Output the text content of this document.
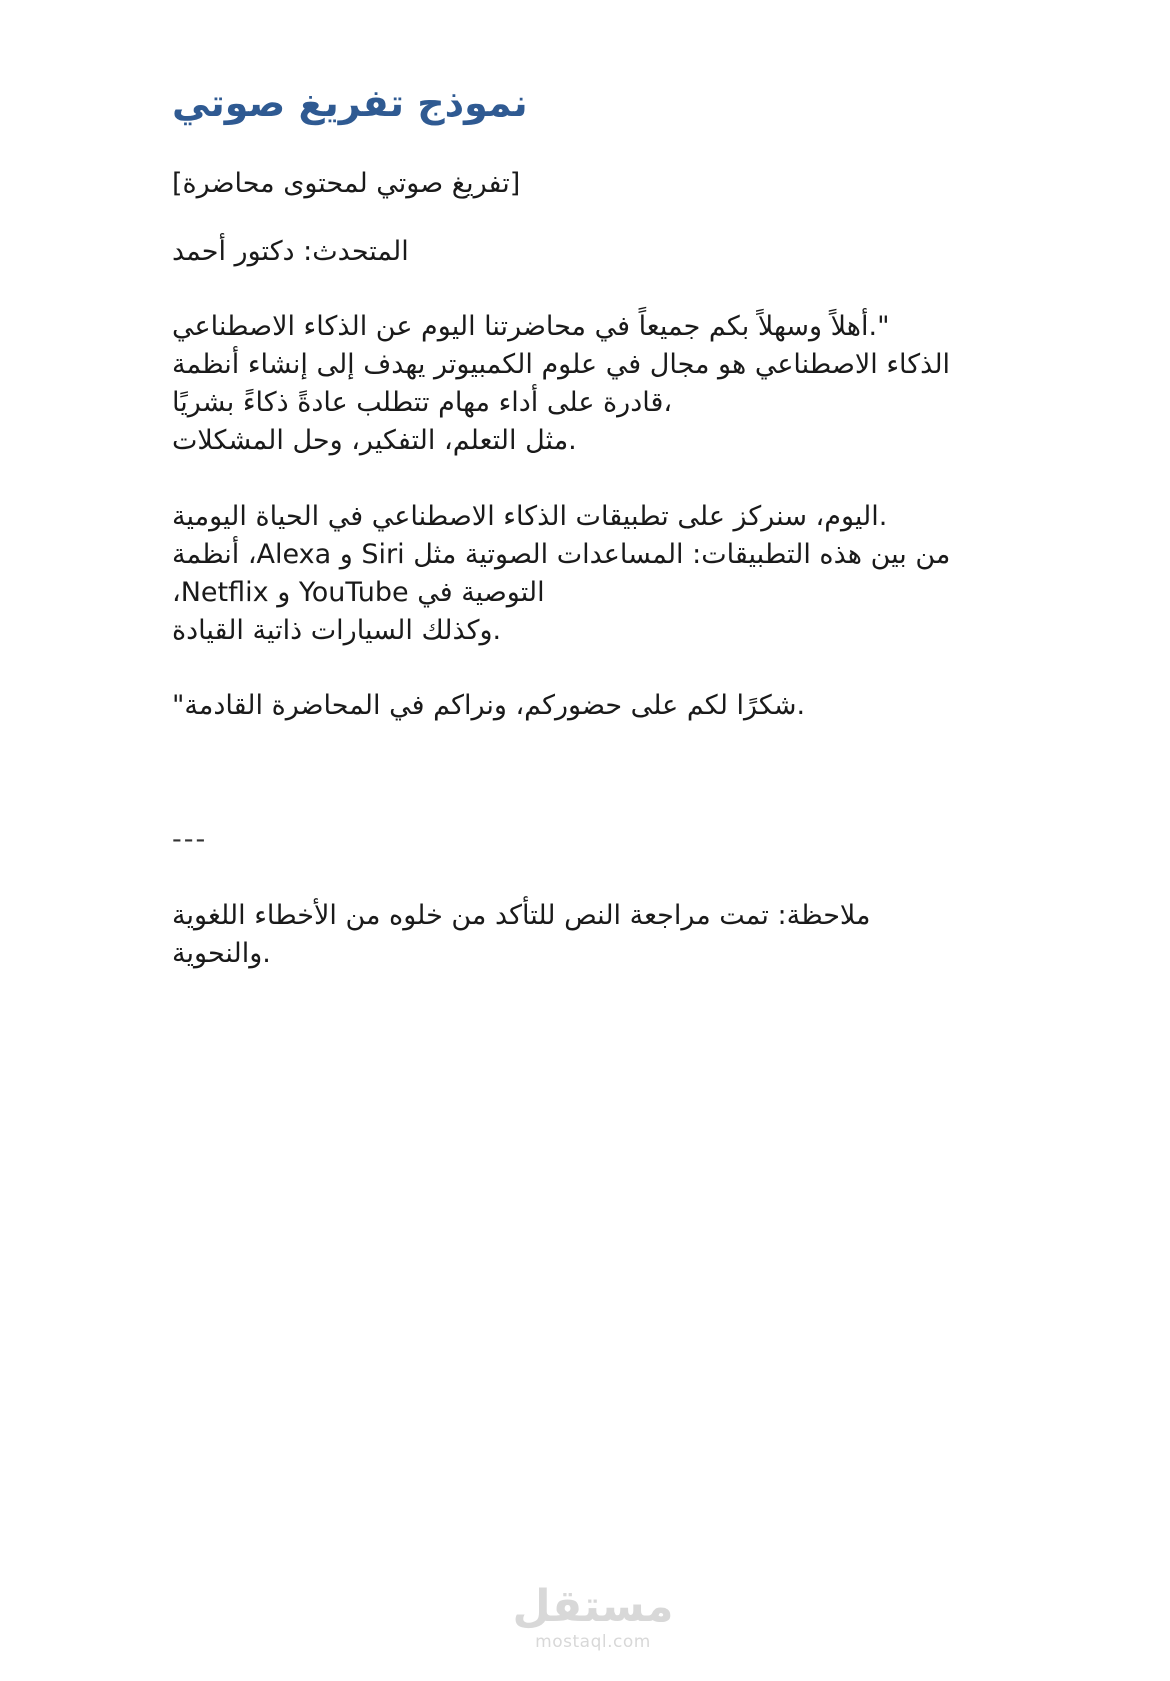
نموذج تفريغ صوتي

[تفريغ صوتي لمحتوى محاضرة]

المتحدث: دكتور أحمد

".أهلاً وسهلاً بكم جميعاً في محاضرتنا اليوم عن الذكاء الاصطناعي

الذكاء الاصطناعي هو مجال في علوم الكمبيوتر يهدف إلى إنشاء أنظمة

،قادرة على أداء مهام تتطلب عادةً ذكاءً بشريًا

.مثل التعلم، التفكير، وحل المشكلات

.اليوم، سنركز على تطبيقات الذكاء الاصطناعي في الحياة اليومية

من بين هذه التطبيقات: المساعدات الصوتية مثل Siri و Alexa، أنظمة

التوصية في YouTube و Netflix،

.وكذلك السيارات ذاتية القيادة

.شكرًا لكم على حضوركم، ونراكم في المحاضرة القادمة"

---

ملاحظة: تمت مراجعة النص للتأكد من خلوه من الأخطاء اللغوية

.والنحوية

مستقل
mostaql.com
